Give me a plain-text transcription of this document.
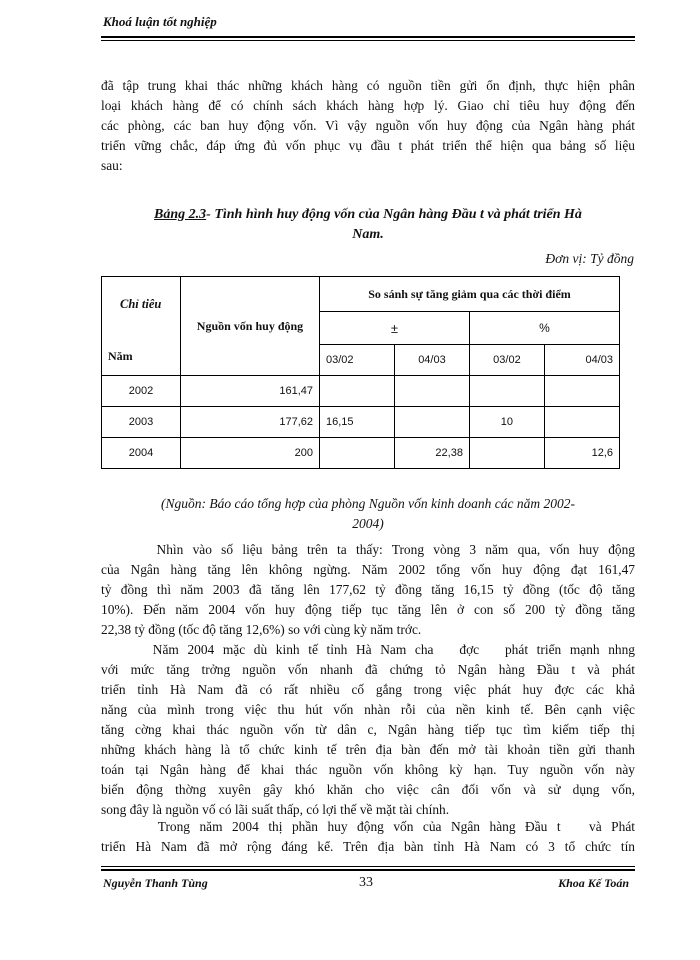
Khoá luận tốt nghiệp
đã tập trung khai thác những khách hàng có nguồn tiền gửi ổn định, thực hiện phân
loại khách hàng để có chính sách khách hàng hợp lý. Giao chỉ tiêu huy động đến
các phòng, các ban huy động vốn. Vì vậy nguồn vốn huy động của Ngân hàng phát
triển vững chắc, đáp ứng đủ vốn phục vụ đầu t phát triển thể hiện qua bảng số liệu
sau:
Bảng 2.3- Tình hình huy động vốn của Ngân hàng Đầu t và phát triển Hà
Nam.
Đơn vị: Tỷ đồng
Chỉ tiêu
Năm	Nguồn vốn huy động	So sánh sự tăng giảm qua các thời điểm			
		±		%	
		03/02	04/03	03/02	04/03
2002	161,47				
2003	177,62	16,15		10	
2004	200		22,38		12,6
(Nguồn: Báo cáo tổng hợp của phòng Nguồn vốn kinh doanh các năm 2002-
2004)
Nhìn vào số liệu bảng trên ta thấy: Trong vòng 3 năm qua, vốn huy động
của Ngân hàng tăng lên không ngừng. Năm 2002 tổng vốn huy động đạt 161,47
tỷ đồng thì năm 2003 đã tăng lên 177,62 tỷ đồng tăng 16,15 tỷ đồng (tốc độ tăng
10%). Đến năm 2004 vốn huy động tiếp tục tăng lên ở con số 200 tỷ đồng tăng
22,38 tỷ đồng (tốc độ tăng 12,6%) so với cùng kỳ năm trớc.
Năm 2004 mặc dù kinh tế tỉnh Hà Nam cha   đợc   phát triển mạnh nhng
với mức tăng trởng nguồn vốn nhanh đã chứng tỏ Ngân hàng Đầu t và phát
triển tỉnh Hà Nam đã có rất nhiều cố gắng trong việc phát huy đợc các khả
năng của mình trong việc thu hút vốn nhàn rỗi của nền kinh tế. Bên cạnh việc
tăng cờng khai thác nguồn vốn từ dân c, Ngân hàng tiếp tục tìm kiếm tiếp thị
những khách hàng là tổ chức kinh tế trên địa bàn đến mở tài khoản tiền gửi thanh
toán tại Ngân hàng để khai thác nguồn vốn không kỳ hạn. Tuy nguồn vốn này
biến động thờng xuyên gây khó khăn cho việc cân đối vốn và sử dụng vốn,
song đây là nguồn vố có lãi suất thấp, có lợi thế về mặt tài chính.
Trong năm 2004 thị phần huy động vốn của Ngân hàng Đầu t   và Phát
triển Hà Nam đã mở rộng đáng kể. Trên địa bàn tỉnh Hà Nam có 3 tổ chức tín
Nguyễn Thanh Tùng	33	Khoa Kế Toán
